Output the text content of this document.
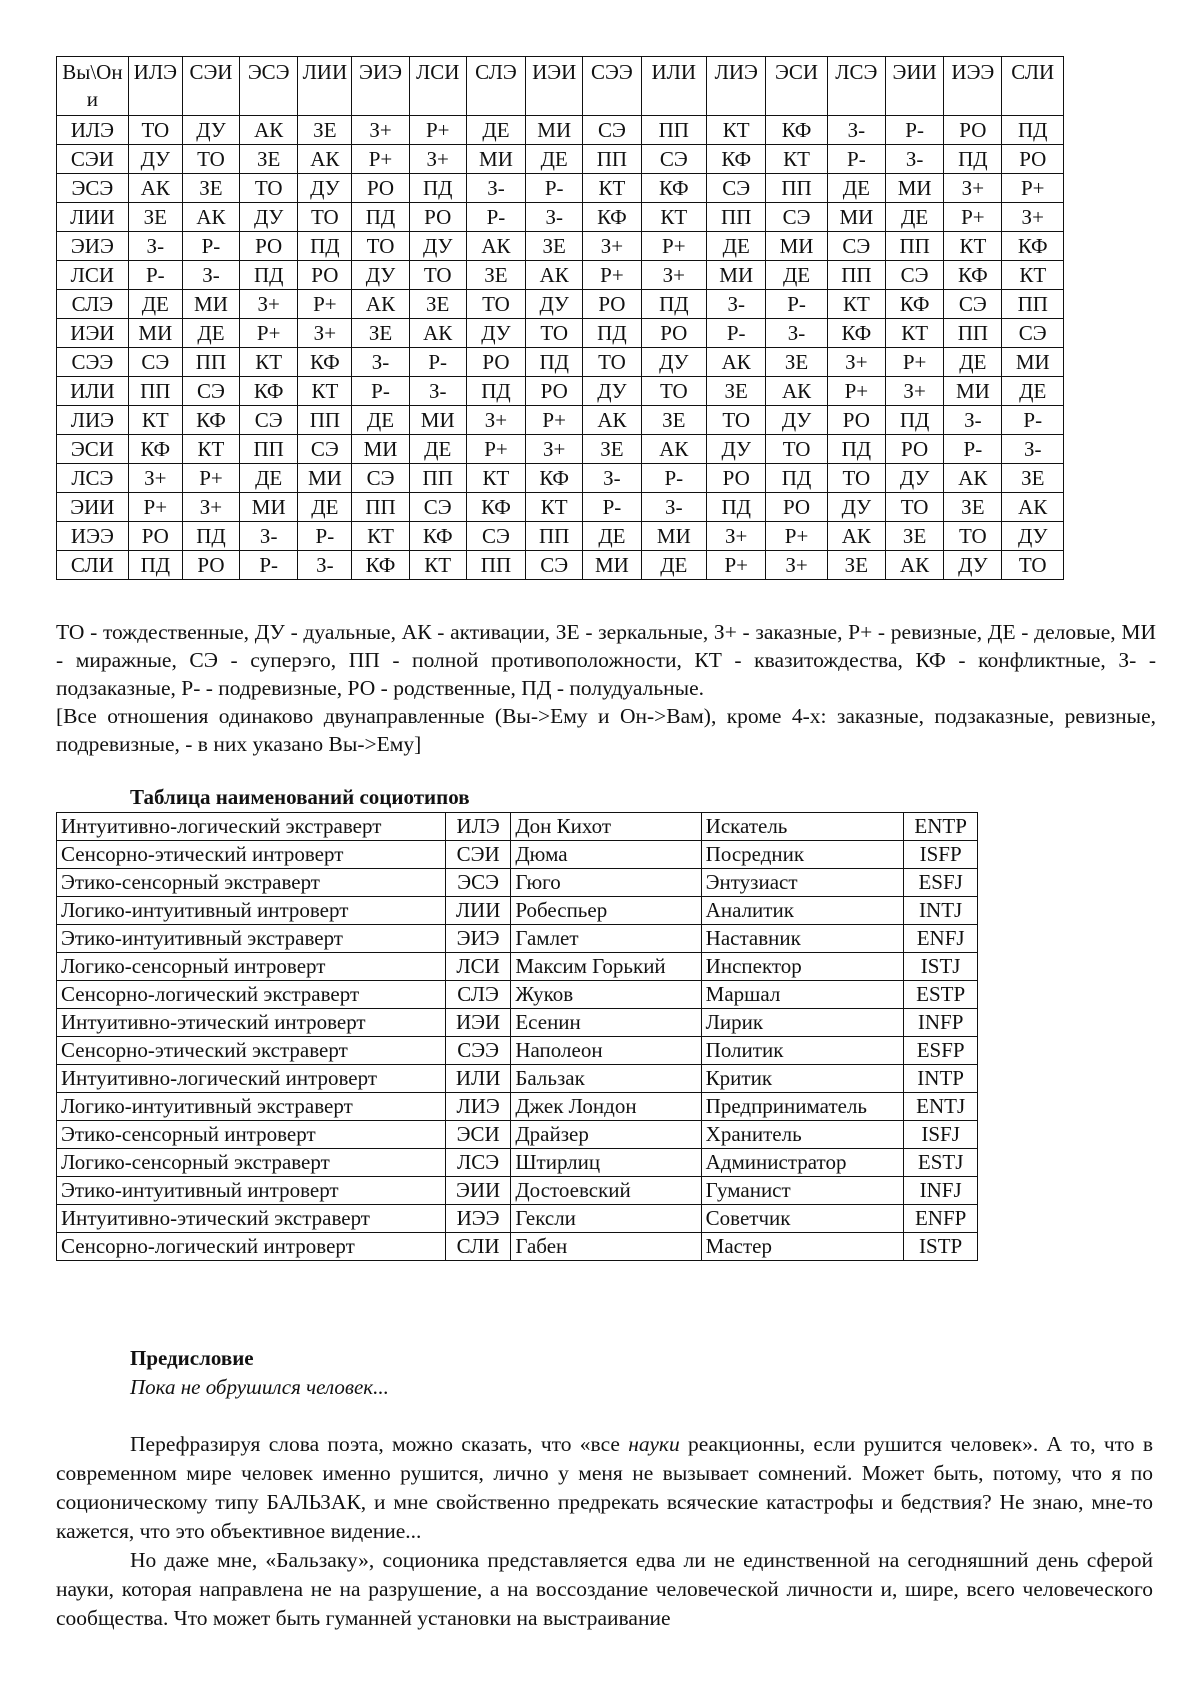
Вы\Они	ИЛЭ	СЭИ	ЭСЭ	ЛИИ	ЭИЭ	ЛСИ	СЛЭ	ИЭИ	СЭЭ	ИЛИ	ЛИЭ	ЭСИ	ЛСЭ	ЭИИ	ИЭЭ	СЛИ
ИЛЭ	ТО	ДУ	АК	ЗЕ	З+	Р+	ДЕ	МИ	СЭ	ПП	КТ	КФ	З-	Р-	РО	ПД
СЭИ	ДУ	ТО	ЗЕ	АК	Р+	З+	МИ	ДЕ	ПП	СЭ	КФ	КТ	Р-	З-	ПД	РО
ЭСЭ	АК	ЗЕ	ТО	ДУ	РО	ПД	З-	Р-	КТ	КФ	СЭ	ПП	ДЕ	МИ	З+	Р+
ЛИИ	ЗЕ	АК	ДУ	ТО	ПД	РО	Р-	З-	КФ	КТ	ПП	СЭ	МИ	ДЕ	Р+	З+
ЭИЭ	З-	Р-	РО	ПД	ТО	ДУ	АК	ЗЕ	З+	Р+	ДЕ	МИ	СЭ	ПП	КТ	КФ
ЛСИ	Р-	З-	ПД	РО	ДУ	ТО	ЗЕ	АК	Р+	З+	МИ	ДЕ	ПП	СЭ	КФ	КТ
СЛЭ	ДЕ	МИ	З+	Р+	АК	ЗЕ	ТО	ДУ	РО	ПД	З-	Р-	КТ	КФ	СЭ	ПП
ИЭИ	МИ	ДЕ	Р+	З+	ЗЕ	АК	ДУ	ТО	ПД	РО	Р-	З-	КФ	КТ	ПП	СЭ
СЭЭ	СЭ	ПП	КТ	КФ	З-	Р-	РО	ПД	ТО	ДУ	АК	ЗЕ	З+	Р+	ДЕ	МИ
ИЛИ	ПП	СЭ	КФ	КТ	Р-	З-	ПД	РО	ДУ	ТО	ЗЕ	АК	Р+	З+	МИ	ДЕ
ЛИЭ	КТ	КФ	СЭ	ПП	ДЕ	МИ	З+	Р+	АК	ЗЕ	ТО	ДУ	РО	ПД	З-	Р-
ЭСИ	КФ	КТ	ПП	СЭ	МИ	ДЕ	Р+	З+	ЗЕ	АК	ДУ	ТО	ПД	РО	Р-	З-
ЛСЭ	З+	Р+	ДЕ	МИ	СЭ	ПП	КТ	КФ	З-	Р-	РО	ПД	ТО	ДУ	АК	ЗЕ
ЭИИ	Р+	З+	МИ	ДЕ	ПП	СЭ	КФ	КТ	Р-	З-	ПД	РО	ДУ	ТО	ЗЕ	АК
ИЭЭ	РО	ПД	З-	Р-	КТ	КФ	СЭ	ПП	ДЕ	МИ	З+	Р+	АК	ЗЕ	ТО	ДУ
СЛИ	ПД	РО	Р-	З-	КФ	КТ	ПП	СЭ	МИ	ДЕ	Р+	З+	ЗЕ	АК	ДУ	ТО

ТО - тождественные, ДУ - дуальные, АК - активации, ЗЕ - зеркальные, З+ - заказные, Р+ - ревизные, ДЕ - деловые, МИ - миражные, СЭ - суперэго, ПП - полной противоположности, КТ - квазитождества, КФ - конфликтные, З- - подзаказные, Р- - подревизные, РО - родственные, ПД - полудуальные.

[Все отношения одинаково двунаправленные (Вы->Ему и Он->Вам), кроме 4-х: заказные, подзаказные, ревизные, подревизные, - в них указано Вы->Ему]

Таблица наименований социотипов
Интуитивно-логический экстраверт	ИЛЭ	Дон Кихот	Искатель	ENTP
Сенсорно-этический интроверт	СЭИ	Дюма	Посредник	ISFP
Этико-сенсорный экстраверт	ЭСЭ	Гюго	Энтузиаст	ESFJ
Логико-интуитивный интроверт	ЛИИ	Робеспьер	Аналитик	INTJ
Этико-интуитивный экстраверт	ЭИЭ	Гамлет	Наставник	ENFJ
Логико-сенсорный интроверт	ЛСИ	Максим Горький	Инспектор	ISTJ
Сенсорно-логический экстраверт	СЛЭ	Жуков	Маршал	ESTP
Интуитивно-этический интроверт	ИЭИ	Есенин	Лирик	INFP
Сенсорно-этический экстраверт	СЭЭ	Наполеон	Политик	ESFP
Интуитивно-логический интроверт	ИЛИ	Бальзак	Критик	INTP
Логико-интуитивный экстраверт	ЛИЭ	Джек Лондон	Предприниматель	ENTJ
Этико-сенсорный интроверт	ЭСИ	Драйзер	Хранитель	ISFJ
Логико-сенсорный экстраверт	ЛСЭ	Штирлиц	Администратор	ESTJ
Этико-интуитивный интроверт	ЭИИ	Достоевский	Гуманист	INFJ
Интуитивно-этический экстраверт	ИЭЭ	Гексли	Советчик	ENFP
Сенсорно-логический интроверт	СЛИ	Габен	Мастер	ISTP
Предисловие
Пока не обрушился человек...

Перефразируя слова поэта, можно сказать, что «все науки реакционны, если рушится человек». А то, что в современном мире человек именно рушится, лично у меня не вызывает сомнений. Может быть, потому, что я по соционическому типу БАЛЬЗАК, и мне свойственно предрекать всяческие катастрофы и бедствия? Не знаю, мне-то кажется, что это объективное видение...

Но даже мне, «Бальзаку», соционика представляется едва ли не единственной на сегодняшний день сферой науки, которая направлена не на разрушение, а на воссоздание человеческой личности и, шире, всего человеческого сообщества. Что может быть гуманней установки на выстраивание
